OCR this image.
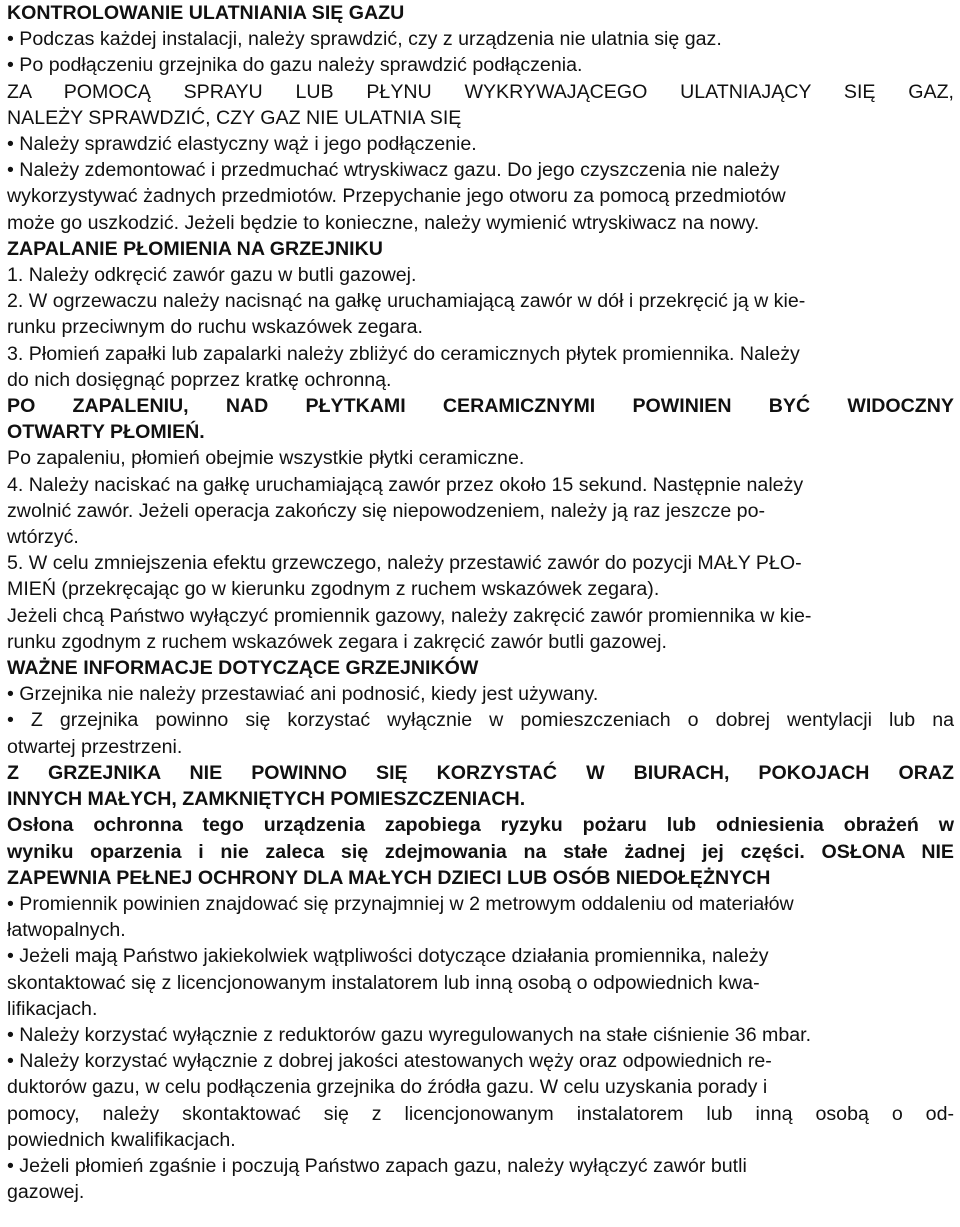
KONTROLOWANIE ULATNIANIA SIĘ GAZU
• Podczas każdej instalacji, należy sprawdzić, czy z urządzenia nie ulatnia się gaz.
• Po podłączeniu grzejnika do gazu należy sprawdzić podłączenia.
ZA POMOCĄ SPRAYU LUB PŁYNU WYKRYWAJĄCEGO ULATNIAJĄCY SIĘ GAZ,
NALEŻY SPRAWDZIĆ, CZY GAZ NIE ULATNIA SIĘ
• Należy sprawdzić elastyczny wąż i jego podłączenie.
• Należy zdemontować i przedmuchać wtryskiwacz gazu. Do jego czyszczenia nie należy
wykorzystywać żadnych przedmiotów. Przepychanie jego otworu za pomocą przedmiotów
może go uszkodzić. Jeżeli będzie to konieczne, należy wymienić wtryskiwacz na nowy.
ZAPALANIE PŁOMIENIA NA GRZEJNIKU
1. Należy odkręcić zawór gazu w butli gazowej.
2. W ogrzewaczu należy nacisnąć na gałkę uruchamiającą zawór w dół i przekręcić ją w kie-
runku przeciwnym do ruchu wskazówek zegara.
3. Płomień zapałki lub zapalarki należy zbliżyć do ceramicznych płytek promiennika. Należy
do nich dosięgnąć poprzez kratkę ochronną.
PO ZAPALENIU, NAD PŁYTKAMI CERAMICZNYMI POWINIEN BYĆ WIDOCZNY
OTWARTY PŁOMIEŃ.
Po zapaleniu, płomień obejmie wszystkie płytki ceramiczne.
4. Należy naciskać na gałkę uruchamiającą zawór przez około 15 sekund. Następnie należy
zwolnić zawór. Jeżeli operacja zakończy się niepowodzeniem, należy ją raz jeszcze po-
wtórzyć.
5. W celu zmniejszenia efektu grzewczego, należy przestawić zawór do pozycji MAŁY PŁO-
MIEŃ (przekręcając go w kierunku zgodnym z ruchem wskazówek zegara).
Jeżeli chcą Państwo wyłączyć promiennik gazowy, należy zakręcić zawór promiennika w kie-
runku zgodnym z ruchem wskazówek zegara i zakręcić zawór butli gazowej.
WAŻNE INFORMACJE DOTYCZĄCE GRZEJNIKÓW
• Grzejnika nie należy przestawiać ani podnosić, kiedy jest używany.
• Z grzejnika powinno się korzystać wyłącznie w pomieszczeniach o dobrej wentylacji lub na
otwartej przestrzeni.
Z GRZEJNIKA NIE POWINNO SIĘ KORZYSTAĆ W BIURACH, POKOJACH ORAZ
INNYCH MAŁYCH, ZAMKNIĘTYCH POMIESZCZENIACH.
Osłona ochronna tego urządzenia zapobiega ryzyku pożaru lub odniesienia obrażeń w
wyniku oparzenia i nie zaleca się zdejmowania na stałe żadnej jej części. OSŁONA NIE
ZAPEWNIA PEŁNEJ OCHRONY DLA MAŁYCH DZIECI LUB OSÓB NIEDOŁĘŻNYCH
• Promiennik powinien znajdować się przynajmniej w 2 metrowym oddaleniu od materiałów
łatwopalnych.
• Jeżeli mają Państwo jakiekolwiek wątpliwości dotyczące działania promiennika, należy
skontaktować się z licencjonowanym instalatorem lub inną osobą o odpowiednich kwa-
lifikacjach.
• Należy korzystać wyłącznie z reduktorów gazu wyregulowanych na stałe ciśnienie 36 mbar.
• Należy korzystać wyłącznie z dobrej jakości atestowanych węży oraz odpowiednich re-
duktorów gazu, w celu podłączenia grzejnika do źródła gazu. W celu uzyskania porady i
pomocy, należy skontaktować się z licencjonowanym instalatorem lub inną osobą o od-
powiednich kwalifikacjach.
• Jeżeli płomień zgaśnie i poczują Państwo zapach gazu, należy wyłączyć zawór butli
gazowej.
